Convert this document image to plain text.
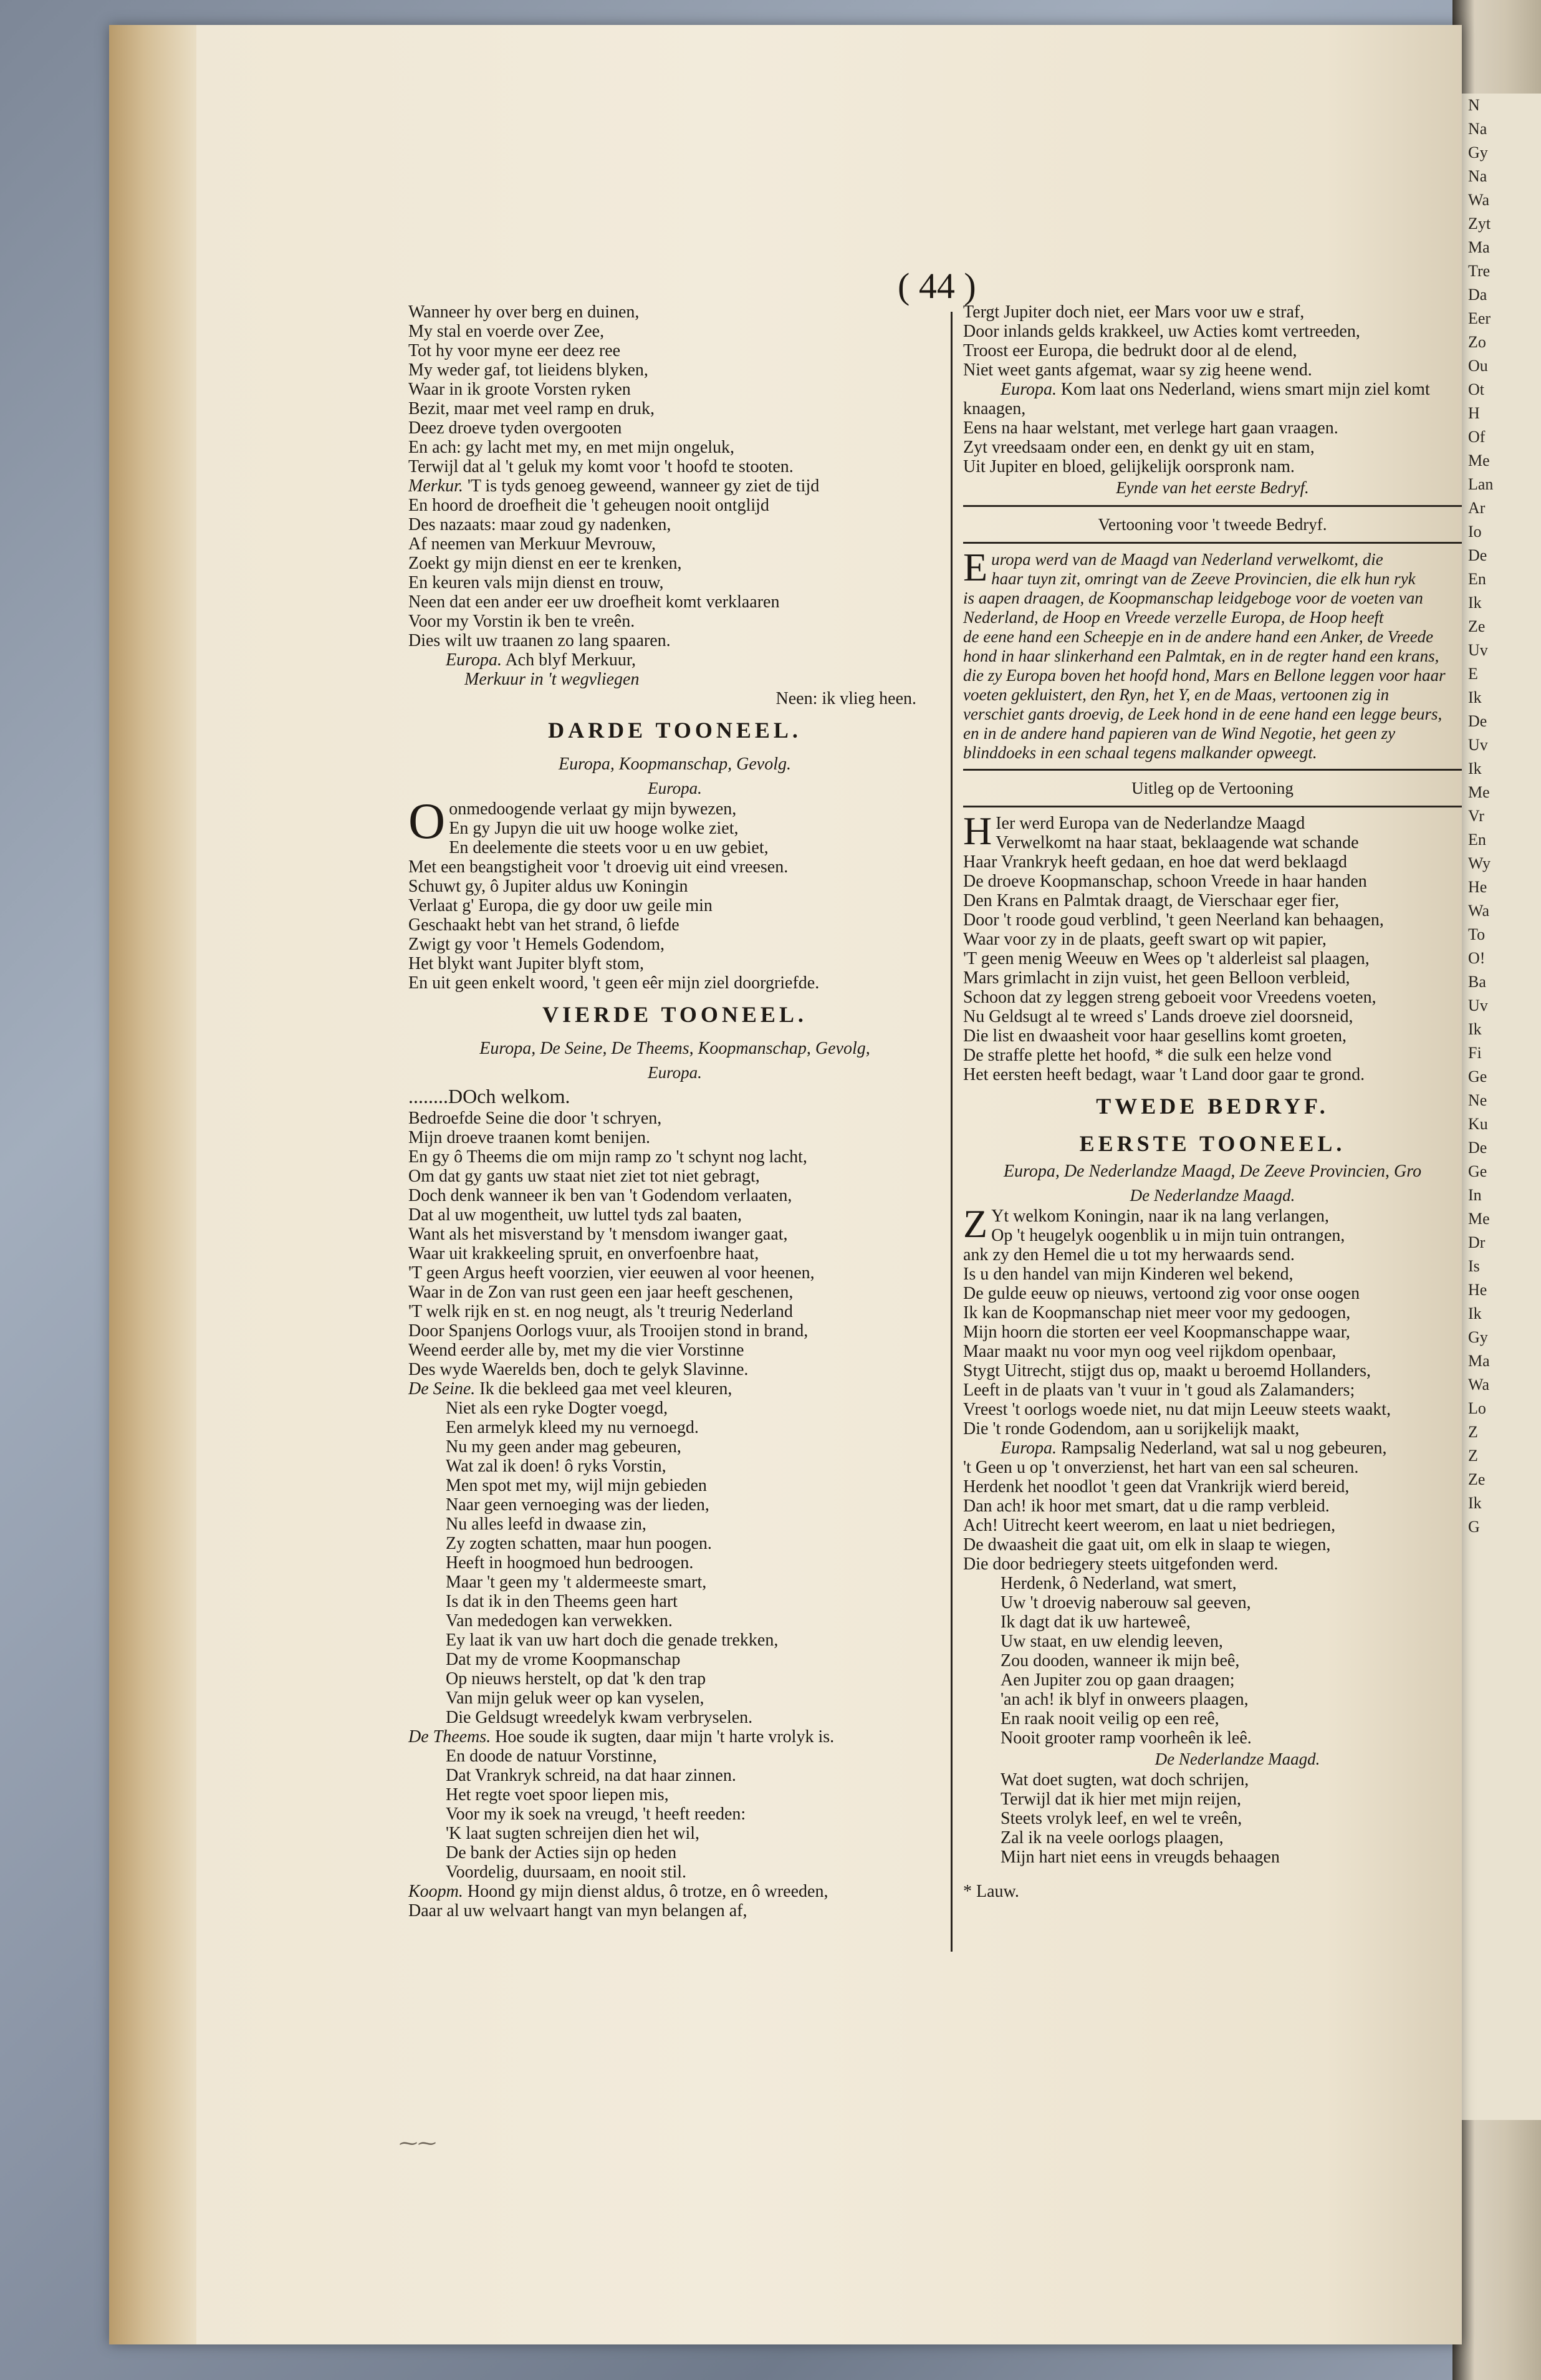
N
Na
Gy
Na
Wa
Zyt
Ma
Tre
Da
Eer
Zo
Ou
Ot
H
Of
Me
Lan
Ar
Io
De
En
Ik
Ze
Uv
E
Ik
De
Uv
Ik
Me
Vr
En
Wy
He
Wa
To
O!
Ba
Uv
Ik
Fi
Ge
Ne
Ku
De
Ge
In
Me
Dr
Is
He
Ik
Gy
Ma
Wa
Lo
Z
Z
Ze
Ik
G
( 44 )
Wanneer hy over berg en duinen,
My stal en voerde over Zee,
Tot hy voor myne eer deez ree
My weder gaf, tot lieidens blyken,
Waar in ik groote Vorsten ryken
Bezit, maar met veel ramp en druk,
Deez droeve tyden overgooten
En ach: gy lacht met my, en met mijn ongeluk,
Terwijl dat al 't geluk my komt voor 't hoofd te stooten.
Merkur. 'T is tyds genoeg geweend, wanneer gy ziet de tijd
En hoord de droefheit die 't geheugen nooit ontglijd
Des nazaats: maar zoud gy nadenken,
Af neemen van Merkuur Mevrouw,
Zoekt gy mijn dienst en eer te krenken,
En keuren vals mijn dienst en trouw,
Neen dat een ander eer uw droefheit komt verklaaren
Voor my Vorstin ik ben te vreên.
Dies wilt uw traanen zo lang spaaren.
Europa. Ach blyf Merkuur,
Merkuur in 't wegvliegen
Neen: ik vlieg heen.
DARDE TOONEEL.
Europa, Koopmanschap, Gevolg.
Europa.
O onmedoogende verlaat gy mijn bywezen,
En gy Jupyn die uit uw hooge wolke ziet,
En deelemente die steets voor u en uw gebiet,
Met een beangstigheit voor 't droevig uit eind vreesen.
Schuwt gy, ô Jupiter aldus uw Koningin
Verlaat g' Europa, die gy door uw geile min
Geschaakt hebt van het strand, ô liefde
Zwigt gy voor 't Hemels Godendom,
Het blykt want Jupiter blyft stom,
En uit geen enkelt woord, 't geen eêr mijn ziel doorgriefde.
VIERDE TOONEEL.
Europa, De Seine, De Theems, Koopmanschap, Gevolg,
Europa.
........DOch welkom.
Bedroefde Seine die door 't schryen,
Mijn droeve traanen komt benijen.
En gy ô Theems die om mijn ramp zo 't schynt nog lacht,
Om dat gy gants uw staat niet ziet tot niet gebragt,
Doch denk wanneer ik ben van 't Godendom verlaaten,
Dat al uw mogentheit, uw luttel tyds zal baaten,
Want als het misverstand by 't mensdom iwanger gaat,
Waar uit krakkeeling spruit, en onverfoenbre haat,
'T geen Argus heeft voorzien, vier eeuwen al voor heenen,
Waar in de Zon van rust geen een jaar heeft geschenen,
'T welk rijk en st. en nog neugt, als 't treurig Nederland
Door Spanjens Oorlogs vuur, als Trooijen stond in brand,
Weend eerder alle by, met my die vier Vorstinne
Des wyde Waerelds ben, doch te gelyk Slavinne.
De Seine. Ik die bekleed gaa met veel kleuren,
Niet als een ryke Dogter voegd,
Een armelyk kleed my nu vernoegd.
Nu my geen ander mag gebeuren,
Wat zal ik doen! ô ryks Vorstin,
Men spot met my, wijl mijn gebieden
Naar geen vernoeging was der lieden,
Nu alles leefd in dwaase zin,
Zy zogten schatten, maar hun poogen.
Heeft in hoogmoed hun bedroogen.
Maar 't geen my 't aldermeeste smart,
Is dat ik in den Theems geen hart
Van mededogen kan verwekken.
Ey laat ik van uw hart doch die genade trekken,
Dat my de vrome Koopmanschap
Op nieuws herstelt, op dat 'k den trap
Van mijn geluk weer op kan vyselen,
Die Geldsugt wreedelyk kwam verbryselen.
De Theems. Hoe soude ik sugten, daar mijn 't harte vrolyk is.
En doode de natuur Vorstinne,
Dat Vrankryk schreid, na dat haar zinnen.
Het regte voet spoor liepen mis,
Voor my ik soek na vreugd, 't heeft reeden:
'K laat sugten schreijen dien het wil,
De bank der Acties sijn op heden
Voordelig, duursaam, en nooit stil.
Koopm. Hoond gy mijn dienst aldus, ô trotze, en ô wreeden,
Daar al uw welvaart hangt van myn belangen af,
Tergt Jupiter doch niet, eer Mars voor uw e straf,
Door inlands gelds krakkeel, uw Acties komt vertreeden,
Troost eer Europa, die bedrukt door al de elend,
Niet weet gants afgemat, waar sy zig heene wend.
Europa. Kom laat ons Nederland, wiens smart mijn ziel komt
knaagen,
Eens na haar welstant, met verlege hart gaan vraagen.
Zyt vreedsaam onder een, en denkt gy uit en stam,
Uit Jupiter en bloed, gelijkelijk oorspronk nam.
Eynde van het eerste Bedryf.
Vertooning voor 't tweede Bedryf.
E uropa werd van de Maagd van Nederland verwelkomt, die
haar tuyn zit, omringt van de Zeeve Provincien, die elk hun ryk
is aapen draagen, de Koopmanschap leidgeboge voor de voeten van
Nederland, de Hoop en Vreede verzelle Europa, de Hoop heeft
de eene hand een Scheepje en in de andere hand een Anker, de Vreede
hond in haar slinkerhand een Palmtak, en in de regter hand een krans,
die zy Europa boven het hoofd hond, Mars en Bellone leggen voor haar
voeten gekluistert, den Ryn, het Y, en de Maas, vertoonen zig in
verschiet gants droevig, de Leek hond in de eene hand een legge beurs,
en in de andere hand papieren van de Wind Negotie, het geen zy
blinddoeks in een schaal tegens malkander opweegt.
Uitleg op de Vertooning
H Ier werd Europa van de Nederlandze Maagd
Verwelkomt na haar staat, beklaagende wat schande
Haar Vrankryk heeft gedaan, en hoe dat werd beklaagd
De droeve Koopmanschap, schoon Vreede in haar handen
Den Krans en Palmtak draagt, de Vierschaar eger fier,
Door 't roode goud verblind, 't geen Neerland kan behaagen,
Waar voor zy in de plaats, geeft swart op wit papier,
'T geen menig Weeuw en Wees op 't alderleist sal plaagen,
Mars grimlacht in zijn vuist, het geen Belloon verbleid,
Schoon dat zy leggen streng geboeit voor Vreedens voeten,
Nu Geldsugt al te wreed s' Lands droeve ziel doorsneid,
Die list en dwaasheit voor haar gesellins komt groeten,
De straffe plette het hoofd, * die sulk een helze vond
Het eersten heeft bedagt, waar 't Land door gaar te grond.
TWEDE BEDRYF.
EERSTE TOONEEL.
Europa, De Nederlandze Maagd, De Zeeve Provincien, Gro
De Nederlandze Maagd.
Z Yt welkom Koningin, naar ik na lang verlangen,
Op 't heugelyk oogenblik u in mijn tuin ontrangen,
ank zy den Hemel die u tot my herwaards send.
Is u den handel van mijn Kinderen wel bekend,
De gulde eeuw op nieuws, vertoond zig voor onse oogen
Ik kan de Koopmanschap niet meer voor my gedoogen,
Mijn hoorn die storten eer veel Koopmanschappe waar,
Maar maakt nu voor myn oog veel rijkdom openbaar,
Stygt Uitrecht, stijgt dus op, maakt u beroemd Hollanders,
Leeft in de plaats van 't vuur in 't goud als Zalamanders;
Vreest 't oorlogs woede niet, nu dat mijn Leeuw steets waakt,
Die 't ronde Godendom, aan u sorijkelijk maakt,
Europa. Rampsalig Nederland, wat sal u nog gebeuren,
't Geen u op 't onverzienst, het hart van een sal scheuren.
Herdenk het noodlot 't geen dat Vrankrijk wierd bereid,
Dan ach! ik hoor met smart, dat u die ramp verbleid.
Ach! Uitrecht keert weerom, en laat u niet bedriegen,
De dwaasheit die gaat uit, om elk in slaap te wiegen,
Die door bedriegery steets uitgefonden werd.
Herdenk, ô Nederland, wat smert,
Uw 't droevig naberouw sal geeven,
Ik dagt dat ik uw harteweê,
Uw staat, en uw elendig leeven,
Zou dooden, wanneer ik mijn beê,
Aen Jupiter zou op gaan draagen;
'an ach! ik blyf in onweers plaagen,
En raak nooit veilig op een reê,
Nooit grooter ramp voorheên ik leê.
De Nederlandze Maagd.
Wat doet sugten, wat doch schrijen,
Terwijl dat ik hier met mijn reijen,
Steets vrolyk leef, en wel te vreên,
Zal ik na veele oorlogs plaagen,
Mijn hart niet eens in vreugds behaagen
* Lauw.
⁓⁓
